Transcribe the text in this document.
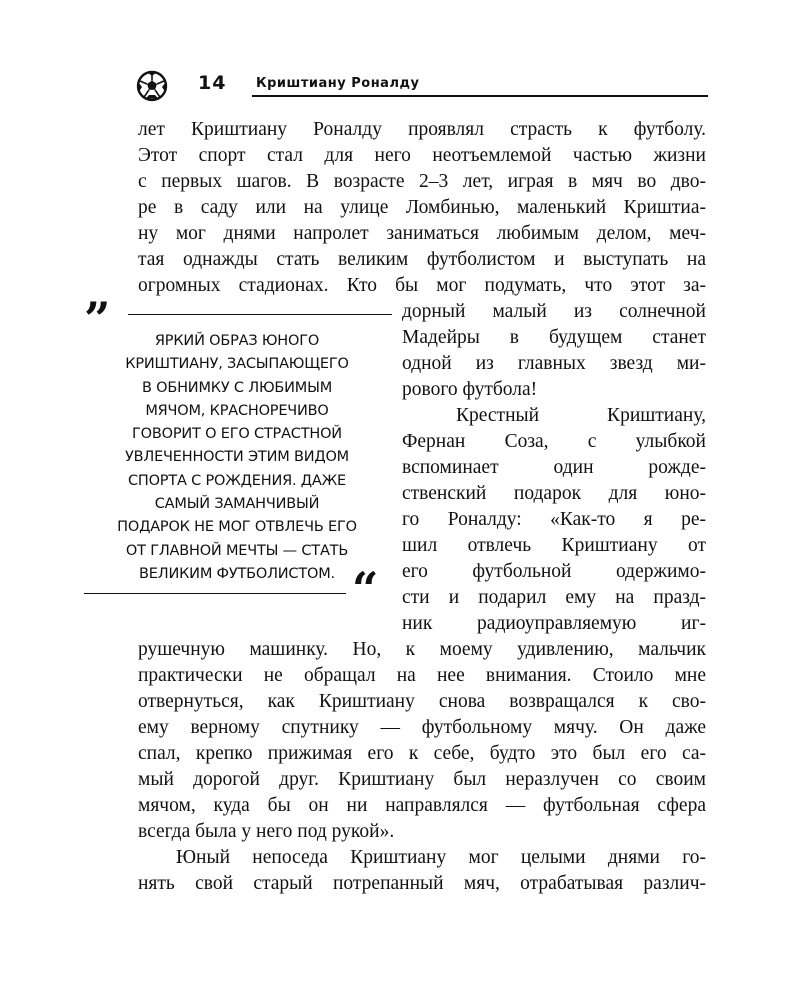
14 Криштиану Роналду
лет Криштиану Роналду проявлял страсть к футболу.
Этот спорт стал для него неотъемлемой частью жизни
с первых шагов. В возрасте 2–3 лет, играя в мяч во дво-
ре в саду или на улице Ломбинью, маленький Криштиа-
ну мог днями напролет заниматься любимым делом, меч-
тая однажды стать великим футболистом и выступать на
огромных стадионах. Кто бы мог подумать, что этот за-
дорный малый из солнечной
Мадейры в будущем станет
одной из главных звезд ми-
рового футбола!
Крестный Криштиану,
Фернан Соза, с улыбкой
вспоминает один рожде-
ственский подарок для юно-
го Роналду: «Как-то я ре-
шил отвлечь Криштиану от
его футбольной одержимо-
сти и подарил ему на празд-
ник радиоуправляемую иг-
рушечную машинку. Но, к моему удивлению, мальчик
практически не обращал на нее внимания. Стоило мне
отвернуться, как Криштиану снова возвращался к сво-
ему верному спутнику — футбольному мячу. Он даже
спал, крепко прижимая его к себе, будто это был его са-
мый дорогой друг. Криштиану был неразлучен со своим
мячом, куда бы он ни направлялся — футбольная сфера
всегда была у него под рукой».
Юный непоседа Криштиану мог целыми днями го-
нять свой старый потрепанный мяч, отрабатывая различ-
”	ЯРКИЙ ОБРАЗ ЮНОГО
КРИШТИАНУ, ЗАСЫПАЮЩЕГО
В ОБНИМКУ С ЛЮБИМЫМ
МЯЧОМ, КРАСНОРЕЧИВО
ГОВОРИТ О ЕГО СТРАСТНОЙ
УВЛЕЧЕННОСТИ ЭТИМ ВИДОМ
СПОРТА С РОЖДЕНИЯ. ДАЖЕ
САМЫЙ ЗАМАНЧИВЫЙ
ПОДАРОК НЕ МОГ ОТВЛЕЧЬ ЕГО
ОТ ГЛАВНОЙ МЕЧТЫ — СТАТЬ
ВЕЛИКИМ ФУТБОЛИСТОМ. “
